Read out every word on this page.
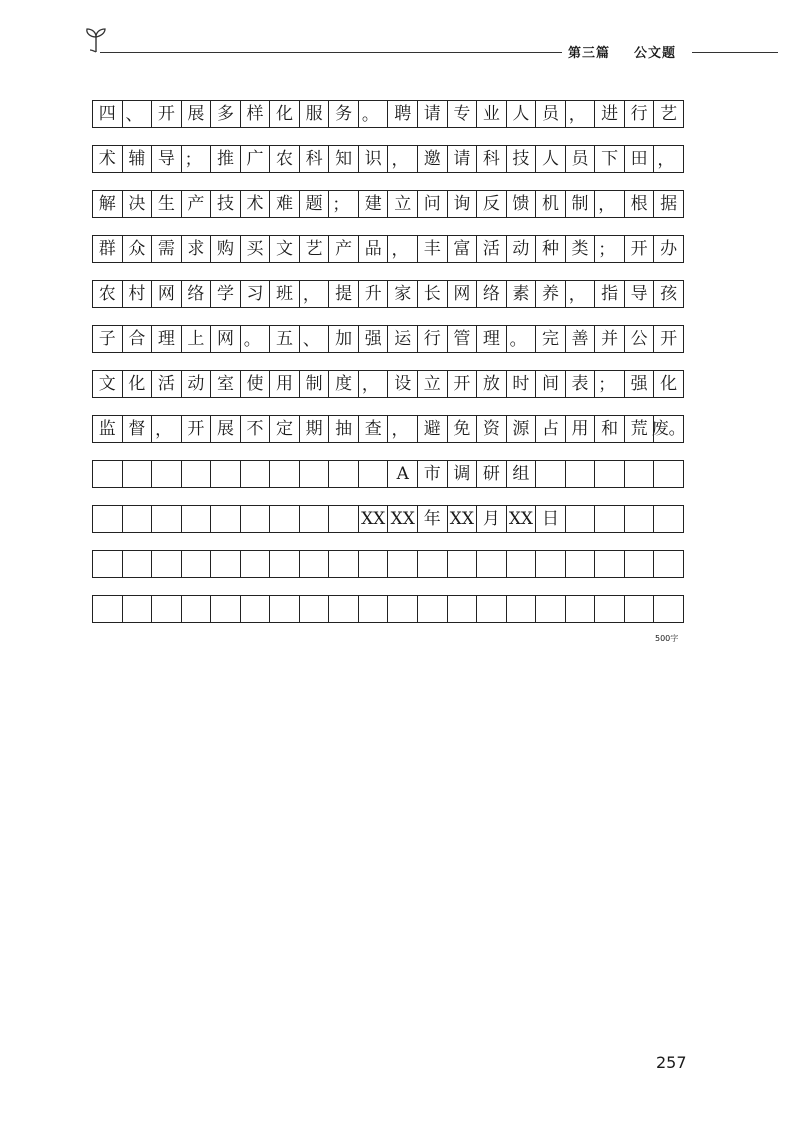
第三篇 公文题
四 、 开 展 多 样 化 服 务 。 聘 请 专 业 人 员 ， 进 行 艺
术 辅 导 ； 推 广 农 科 知 识 ， 邀 请 科 技 人 员 下 田 ，
解 决 生 产 技 术 难 题 ； 建 立 问 询 反 馈 机 制 ， 根 据
群 众 需 求 购 买 文 艺 产 品 ， 丰 富 活 动 种 类 ； 开 办
农 村 网 络 学 习 班 ， 提 升 家 长 网 络 素 养 ， 指 导 孩
子 合 理 上 网 。 五 、 加 强 运 行 管 理 。 完 善 并 公 开
文 化 活 动 室 使 用 制 度 ， 设 立 开 放 时 间 表 ； 强 化
监 督 ， 开 展 不 定 期 抽 查 ， 避 免 资 源 占 用 和 荒 废。
A 市 调 研 组
XX XX 年 XX 月 XX 日
500字
257
